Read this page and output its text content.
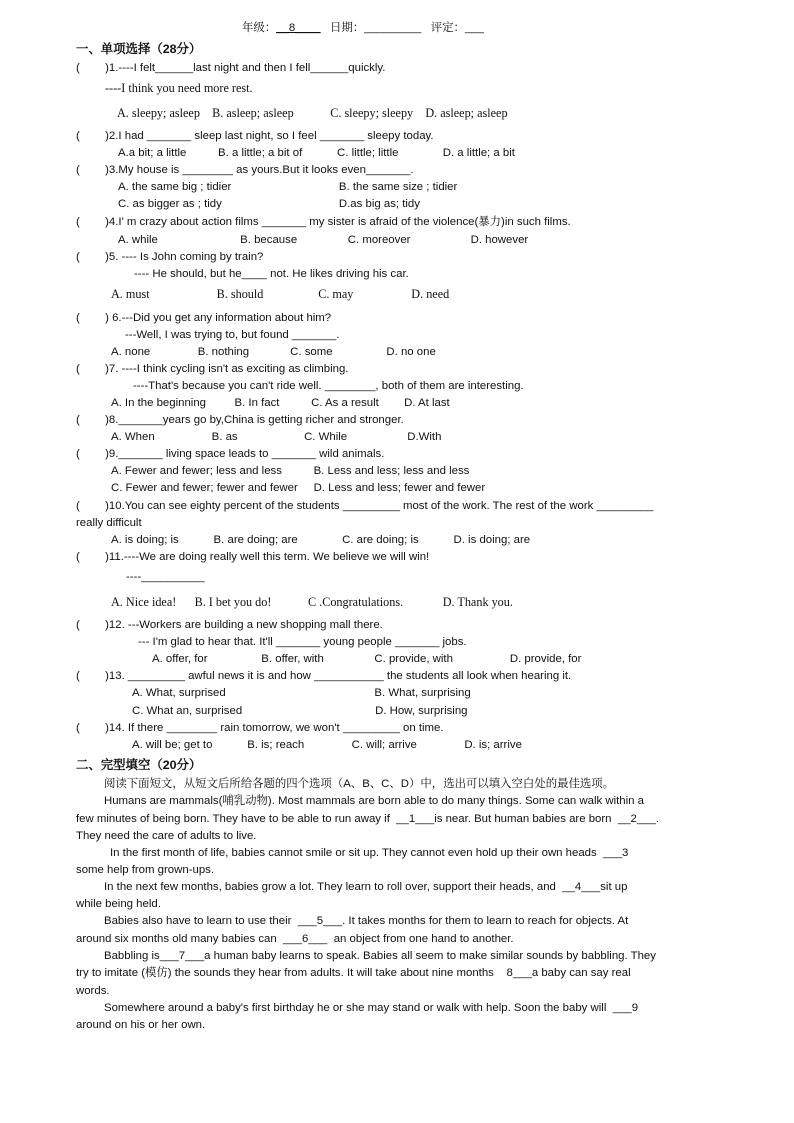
年级：__8____ 日期：_________ 评定：___
一、单项选择（28分）
(        )1.----I felt______last night and then I fell______quickly.
----I think you need more rest.
A. sleepy; asleep    B. asleep; asleep            C. sleepy; sleepy    D. asleep; asleep
(        )2.I had _______ sleep last night, so I feel _______ sleepy today.
A.a bit; a little          B. a little; a bit of           C. little; little              D. a little; a bit
(        )3.My house is ________ as yours.But it looks even_______.
A. the same big ; tidier                                  B. the same size ; tidier
C. as bigger as ; tidy                                     D.as big as; tidy
(        )4.I' m crazy about action films _______ my sister is afraid of the violence(暴力)in such films.
A. while                          B. because                C. moreover                   D. however
(        )5. ---- Is John coming by train?
---- He should, but he____ not. He likes driving his car.
A. must                      B. should                  C. may                   D. need
(        ) 6.---Did you get any information about him?
---Well, I was trying to, but found _______.
A. none               B. nothing             C. some                 D. no one
(        )7. ----I think cycling isn't as exciting as climbing.
----That's because you can't ride well. ________, both of them are interesting.
A. In the beginning         B. In fact          C. As a result        D. At last
(        )8._______years go by,China is getting richer and stronger.
A. When                  B. as                     C. While                   D.With
(        )9._______ living space leads to _______ wild animals.
A. Fewer and fewer; less and less          B. Less and less; less and less
C. Fewer and fewer; fewer and fewer     D. Less and less; fewer and fewer
(        )10.You can see eighty percent of the students _________ most of the work. The rest of the work _________
really difficult
A. is doing; is           B. are doing; are              C. are doing; is           D. is doing; are
(        )11.----We are doing really well this term. We believe we will win!
----__________
A. Nice idea!      B. I bet you do!            C .Congratulations.             D. Thank you.
(        )12. ---Workers are building a new shopping mall there.
--- I'm glad to hear that. It'll _______ young people _______ jobs.
A. offer, for                 B. offer, with                C. provide, with                  D. provide, for
(        )13. _________ awful news it is and how ___________ the students all look when hearing it.
A. What, surprised                                               B. What, surprising
C. What an, surprised                                          D. How, surprising
(        )14. If there ________ rain tomorrow, we won't _________ on time.
A. will be; get to           B. is; reach               C. will; arrive               D. is; arrive
二、完型填空（20分）
阅读下面短文，从短文后所给各题的四个选项（A、B、C、D）中，选出可以填入空白处的最佳选项。
Humans are mammals(哺乳动物). Most mammals are born able to do many things. Some can walk within a
few minutes of being born. They have to be able to run away if  __1___is near. But human babies are born  __2___.
They need the care of adults to live.
In the first month of life, babies cannot smile or sit up. They cannot even hold up their own heads  ___3
some help from grown-ups.
In the next few months, babies grow a lot. They learn to roll over, support their heads, and  __4___sit up
while being held.
Babies also have to learn to use their  ___5___. It takes months for them to learn to reach for objects. At
around six months old many babies can  ___6___  an object from one hand to another.
Babbling is___7___a human baby learns to speak. Babies all seem to make similar sounds by babbling. They
try to imitate (模仿) the sounds they hear from adults. It will take about nine months    8___a baby can say real
words.
Somewhere around a baby's first birthday he or she may stand or walk with help. Soon the baby will  ___9
around on his or her own.
